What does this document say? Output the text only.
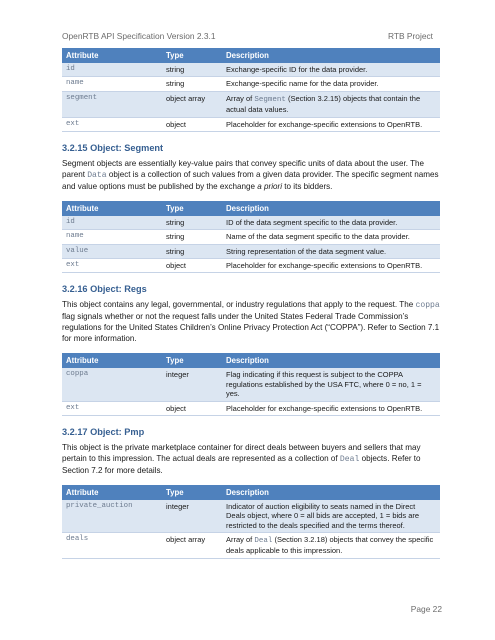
OpenRTB API Specification Version 2.3.1	RTB Project
Attribute	Type	Description
id	string	Exchange-specific ID for the data provider.
name	string	Exchange-specific name for the data provider.
segment	object array	Array of Segment (Section 3.2.15) objects that contain the actual data values.
ext	object	Placeholder for exchange-specific extensions to OpenRTB.
3.2.15 Object: Segment

Segment objects are essentially key-value pairs that convey specific units of data about the user. The parent Data object is a collection of such values from a given data provider. The specific segment names and value options must be published by the exchange a priori to its bidders.

Attribute	Type	Description
id	string	ID of the data segment specific to the data provider.
name	string	Name of the data segment specific to the data provider.
value	string	String representation of the data segment value.
ext	object	Placeholder for exchange-specific extensions to OpenRTB.
3.2.16 Object: Regs

This object contains any legal, governmental, or industry regulations that apply to the request. The coppa flag signals whether or not the request falls under the United States Federal Trade Commission’s regulations for the United States Children’s Online Privacy Protection Act (“COPPA”). Refer to Section 7.1 for more information.

Attribute	Type	Description
coppa	integer	Flag indicating if this request is subject to the COPPA regulations established by the USA FTC, where 0 = no, 1 = yes.
ext	object	Placeholder for exchange-specific extensions to OpenRTB.
3.2.17 Object: Pmp

This object is the private marketplace container for direct deals between buyers and sellers that may pertain to this impression. The actual deals are represented as a collection of Deal objects. Refer to Section 7.2 for more details.

Attribute	Type	Description
private_auction	integer	Indicator of auction eligibility to seats named in the Direct Deals object, where 0 = all bids are accepted, 1 = bids are restricted to the deals specified and the terms thereof.
deals	object array	Array of Deal (Section 3.2.18) objects that convey the specific deals applicable to this impression.
Page 22
